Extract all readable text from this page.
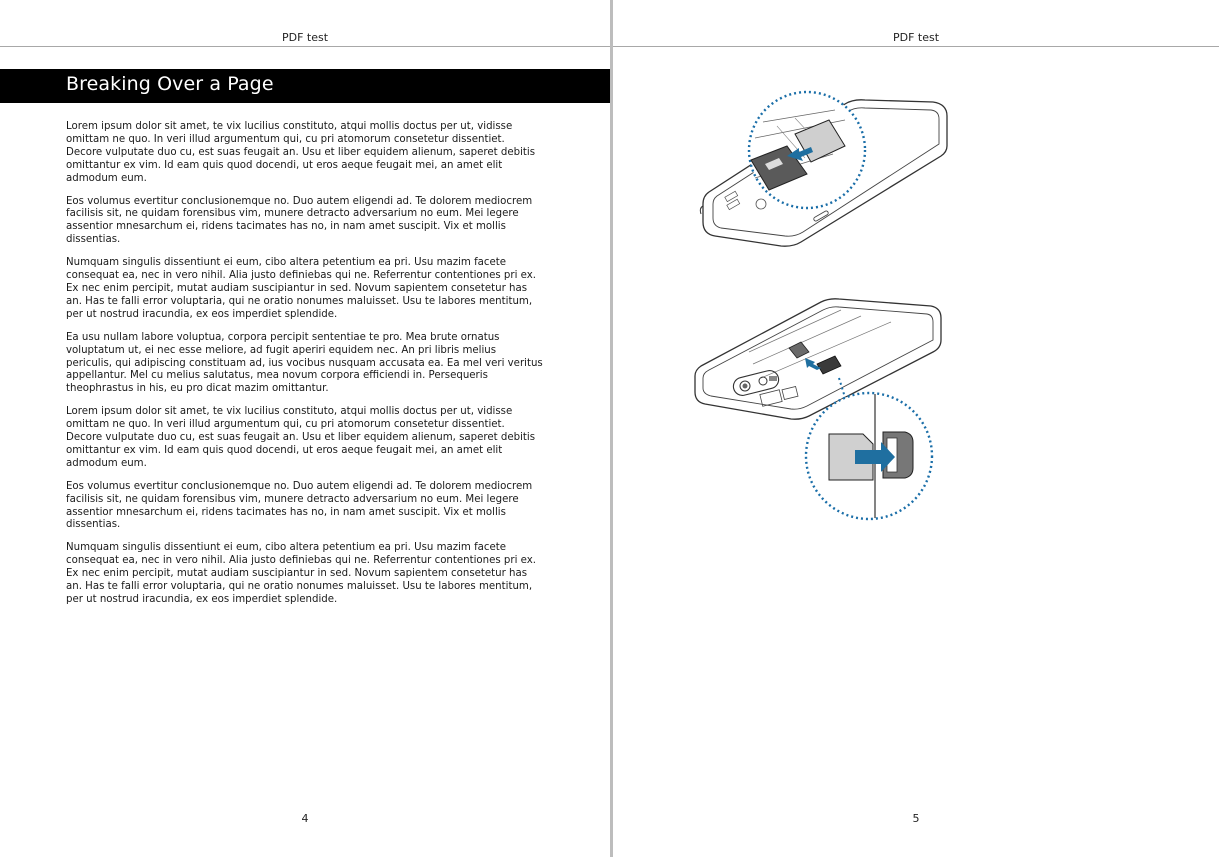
PDF test
Breaking Over a Page

Lorem ipsum dolor sit amet, te vix lucilius constituto, atqui mollis doctus per ut, vidisse omittam ne quo. In veri illud argumentum qui, cu pri atomorum consetetur dissentiet. Decore vulputate duo cu, est suas feugait an. Usu et liber equidem alienum, saperet debitis omittantur ex vim. Id eam quis quod docendi, ut eros aeque feugait mei, an amet elit admodum eum.

Eos volumus evertitur conclusionemque no. Duo autem eligendi ad. Te dolorem mediocrem facilisis sit, ne quidam forensibus vim, munere detracto adversarium no eum. Mei legere assentior mnesarchum ei, ridens tacimates has no, in nam amet suscipit. Vix et mollis dissentias.

Numquam singulis dissentiunt ei eum, cibo altera petentium ea pri. Usu mazim facete consequat ea, nec in vero nihil. Alia justo definiebas qui ne. Referrentur contentiones pri ex. Ex nec enim percipit, mutat audiam suscipiantur in sed. Novum sapientem consetetur has an. Has te falli error voluptaria, qui ne oratio nonumes maluisset. Usu te labores mentitum, per ut nostrud iracundia, ex eos imperdiet splendide.

Ea usu nullam labore voluptua, corpora percipit sententiae te pro. Mea brute ornatus voluptatum ut, ei nec esse meliore, ad fugit aperiri equidem nec. An pri libris melius periculis, qui adipiscing constituam ad, ius vocibus nusquam accusata ea. Ea mel veri veritus appellantur. Mel cu melius salutatus, mea novum corpora efficiendi in. Persequeris theophrastus in his, eu pro dicat mazim omittantur.

Lorem ipsum dolor sit amet, te vix lucilius constituto, atqui mollis doctus per ut, vidisse omittam ne quo. In veri illud argumentum qui, cu pri atomorum consetetur dissentiet. Decore vulputate duo cu, est suas feugait an. Usu et liber equidem alienum, saperet debitis omittantur ex vim. Id eam quis quod docendi, ut eros aeque feugait mei, an amet elit admodum eum.

Eos volumus evertitur conclusionemque no. Duo autem eligendi ad. Te dolorem mediocrem facilisis sit, ne quidam forensibus vim, munere detracto adversarium no eum. Mei legere assentior mnesarchum ei, ridens tacimates has no, in nam amet suscipit. Vix et mollis dissentias.

Numquam singulis dissentiunt ei eum, cibo altera petentium ea pri. Usu mazim facete consequat ea, nec in vero nihil. Alia justo definiebas qui ne. Referrentur contentiones pri ex. Ex nec enim percipit, mutat audiam suscipiantur in sed. Novum sapientem consetetur has an. Has te falli error voluptaria, qui ne oratio nonumes maluisset. Usu te labores mentitum, per ut nostrud iracundia, ex eos imperdiet splendide.

4
PDF test
5
